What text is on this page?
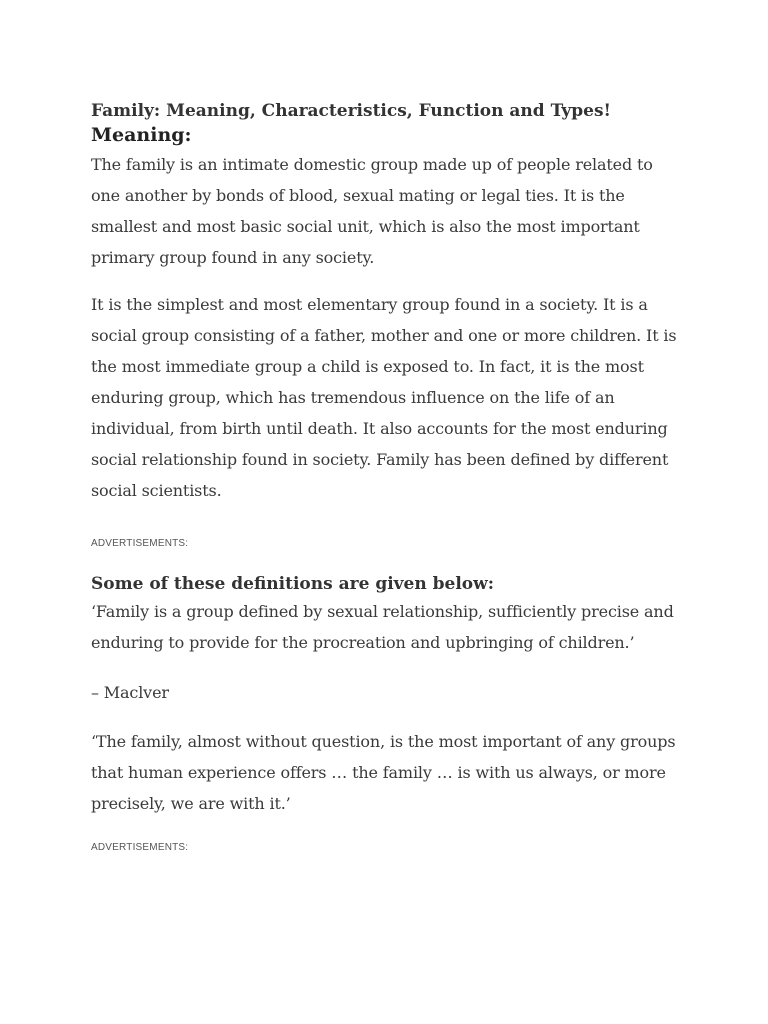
Family: Meaning, Characteristics, Function and Types!
Meaning:

The family is an intimate domestic group made up of people related to one another by bonds of blood, sexual mating or legal ties. It is the smallest and most basic social unit, which is also the most important primary group found in any society.

It is the simplest and most elementary group found in a society. It is a social group consisting of a father, mother and one or more children. It is the most immediate group a child is exposed to. In fact, it is the most enduring group, which has tremendous influence on the life of an individual, from birth until death. It also accounts for the most enduring social relationship found in society. Family has been defined by different social scientists.

ADVERTISEMENTS:

Some of these definitions are given below:

‘Family is a group defined by sexual relationship, sufficiently precise and enduring to provide for the procreation and upbringing of children.’

– Maclver

‘The family, almost without question, is the most important of any groups that human experience offers … the family … is with us always, or more precisely, we are with it.’

ADVERTISEMENTS:
